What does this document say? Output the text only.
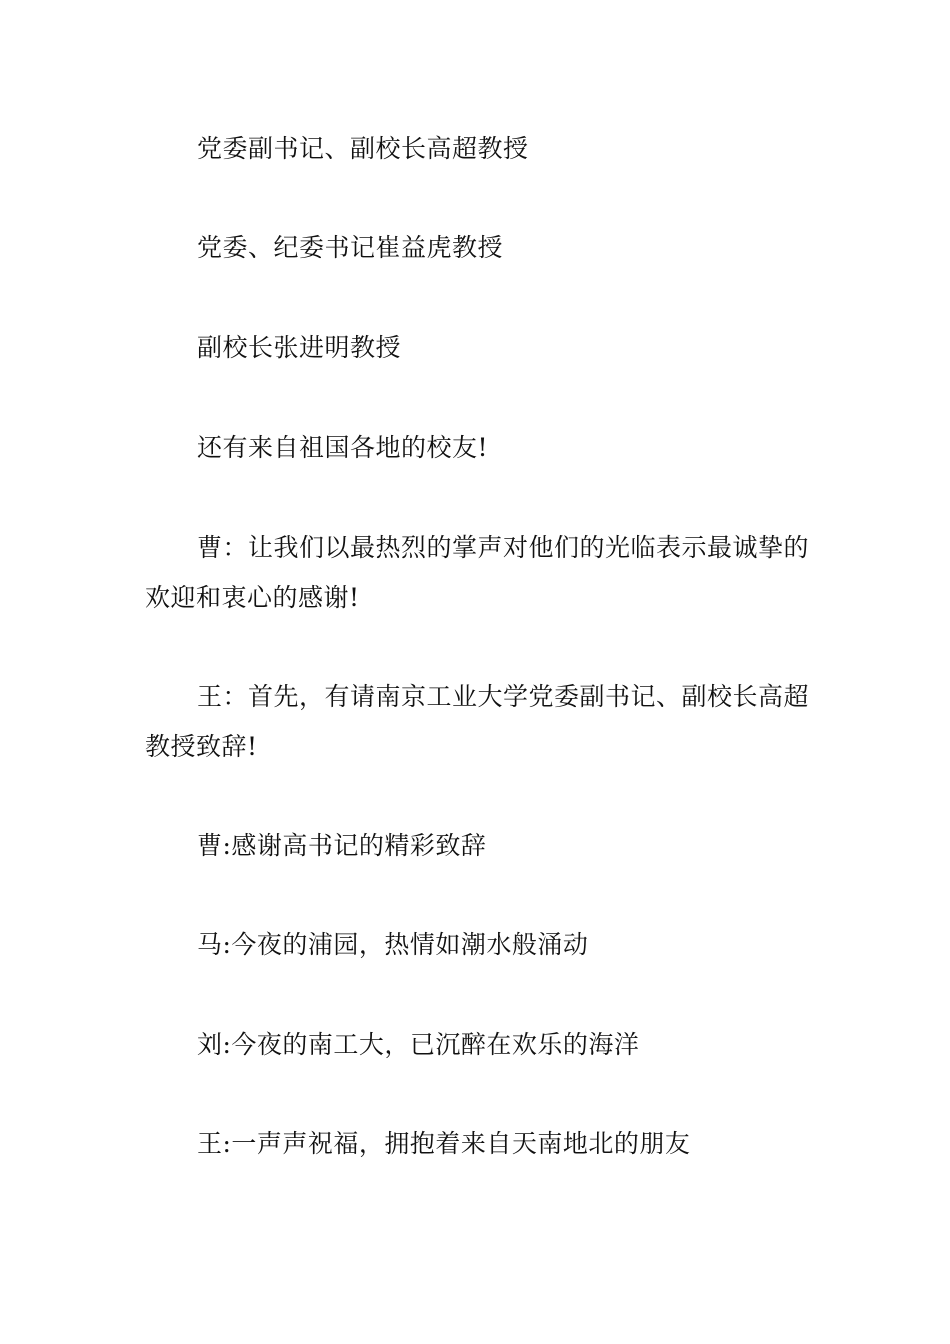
党委副书记、副校长高超教授

党委、纪委书记崔益虎教授

副校长张进明教授

还有来自祖国各地的校友!

曹：让我们以最热烈的掌声对他们的光临表示最诚挚的欢迎和衷心的感谢!

王：首先，有请南京工业大学党委副书记、副校长高超教授致辞!

曹:感谢高书记的精彩致辞

马:今夜的浦园，热情如潮水般涌动

刘:今夜的南工大，已沉醉在欢乐的海洋

王:一声声祝福，拥抱着来自天南地北的朋友
